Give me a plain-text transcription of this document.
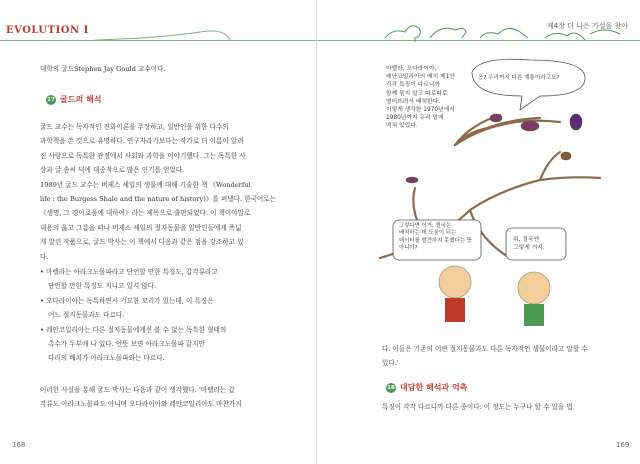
EVOLUTION I	제4장 더 나은 가설을 찾아
대학의 굴드Stephen Jay Gould 교수이다.
17 굴드의 해석
굴드 교수는 독자적인 진화이론을 주장하고, 일반인을 위한 다수의
과학책을 쓴 것으로 유명하다. 연구자라기보다는 작가로 더 이름이 알려
진 사람으로 독특한 관점에서 사회와 과학을 이야기했다. 그는 독특한 사
상과 글 솜씨 덕에 대중적으로 많은 인기를 얻었다.
1989년 굴드 교수는 버제스 셰일의 생물에 대해 기술한 책 《Wonderful
life : the Burgess Shale and the nature of history)》를 펴냈다. 한국어로는
《생명, 그 경이로움에 대하여》라는 제목으로 출판되었다. 이 책이야말로
내용의 옳고 그름을 떠나 버제스 셰일의 절지동물을 일반인들에게 폭넓
게 알린 작품으로, 굴드 박사는 이 책에서 다음과 같은 점을 강조하고 있
다.
• 마렐라는 아라크노몰파라고 단언할 만한 특징도, 갑각류라고
단언할 만한 특징도 지니고 있지 않다.
• 오다라이아는 독특하면서 기묘한 꼬리가 있는데, 이 특징은
어느 절지동물과도 다르다.
• 레안코일리아는 다른 절지동물에게선 볼 수 없는 독특한 형태의
촉수가 두부에 나 있다. 언뜻 보면 아라크노몰파 같지만
다리의 배치가 아라크노몰파와는 다르다.
이러한 사실을 통해 굴드 박사는 다음과 같이 생각했다. '마렐라는 갑
각류도 아라크노몰파도 아니며 오다라이아와 레안코일리아도 마찬가지
168
마렐라, 오다라이아,
레안코일리아의 배치 제1안
각각 특징이 다르니까
함께 묶지 말고 따로따로
떨어뜨려서 배치한다.
이렇게 생각한 1970년에서
1980년까지 유리 밑에
떡쳐 있었다.
응? 우리까지 다른 계통이라고요?
그렇다면 이거, 결국은
배치하는 데 도움이 되는
데이터를 발견하지 못했다는 뜻
아니야?
뭐, 결국엔
그렇게 거지.
다. 이들은 기존의 어떤 절지동물과도 다른 독자적인 생물이라고 말할 수
있다.'
18 대담한 해석과 억측
특징이 각각 다르니까 다른 종이다. 이 정도는 누구나 할 수 있을 법
169
